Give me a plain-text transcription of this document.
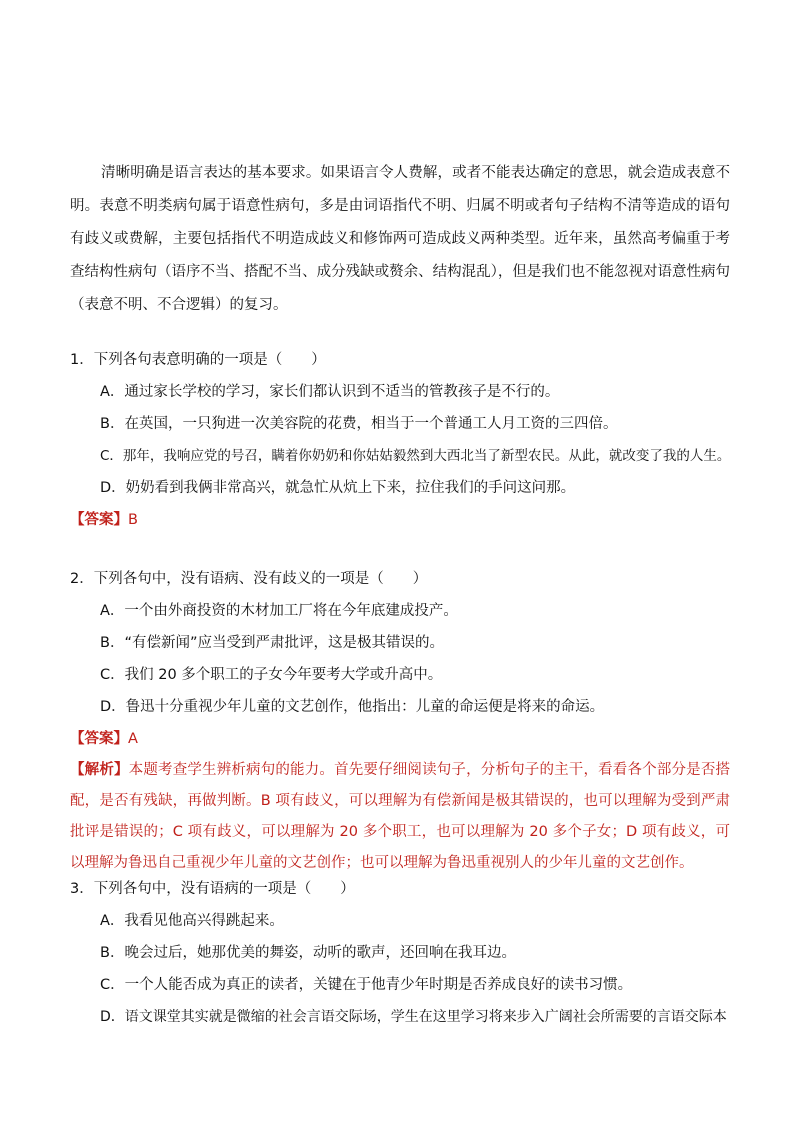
清晰明确是语言表达的基本要求。如果语言令人费解，或者不能表达确定的意思，就会造成表意不明。表意不明类病句属于语意性病句，多是由词语指代不明、归属不明或者句子结构不清等造成的语句有歧义或费解，主要包括指代不明造成歧义和修饰两可造成歧义两种类型。近年来，虽然高考偏重于考查结构性病句（语序不当、搭配不当、成分残缺或赘余、结构混乱），但是我们也不能忽视对语意性病句（表意不明、不合逻辑）的复习。

1．下列各句表意明确的一项是（　　）

A．通过家长学校的学习，家长们都认识到不适当的管教孩子是不行的。

B．在英国，一只狗进一次美容院的花费，相当于一个普通工人月工资的三四倍。

C．那年，我响应党的号召，瞒着你奶奶和你姑姑毅然到大西北当了新型农民。从此，就改变了我的人生。

D．奶奶看到我俩非常高兴，就急忙从炕上下来，拉住我们的手问这问那。

【答案】B

2．下列各句中，没有语病、没有歧义的一项是（　　）

A．一个由外商投资的木材加工厂将在今年底建成投产。

B．“有偿新闻”应当受到严肃批评，这是极其错误的。

C．我们 20 多个职工的子女今年要考大学或升高中。

D．鲁迅十分重视少年儿童的文艺创作，他指出：儿童的命运便是将来的命运。

【答案】A

【解析】本题考查学生辨析病句的能力。首先要仔细阅读句子，分析句子的主干，看看各个部分是否搭配，是否有残缺，再做判断。B 项有歧义，可以理解为有偿新闻是极其错误的，也可以理解为受到严肃批评是错误的；C 项有歧义，可以理解为 20 多个职工，也可以理解为 20 多个子女；D 项有歧义，可以理解为鲁迅自己重视少年儿童的文艺创作；也可以理解为鲁迅重视别人的少年儿童的文艺创作。

3．下列各句中，没有语病的一项是（　　）

A．我看见他高兴得跳起来。

B．晚会过后，她那优美的舞姿，动听的歌声，还回响在我耳边。

C．一个人能否成为真正的读者，关键在于他青少年时期是否养成良好的读书习惯。

D．语文课堂其实就是微缩的社会言语交际场，学生在这里学习将来步入广阔社会所需要的言语交际本
